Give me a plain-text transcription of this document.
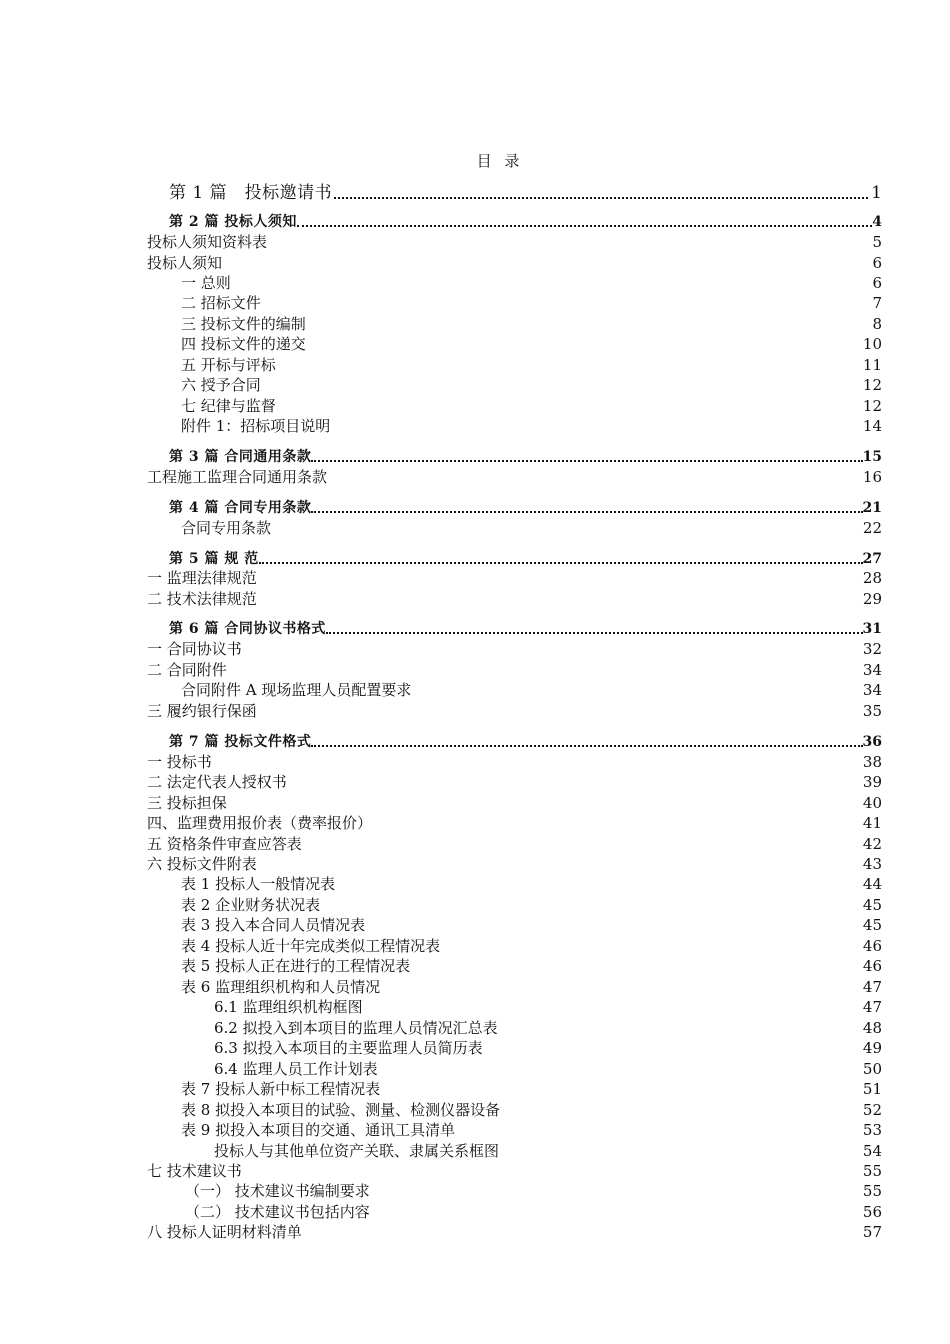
目 录
第 1 篇　投标邀请书	1
第 2 篇 投标人须知	4
投标人须知资料表	5
投标人须知	6
一 总则	6
二 招标文件	7
三 投标文件的编制	8
四 投标文件的递交	10
五 开标与评标	11
六 授予合同	12
七 纪律与监督	12
附件 1：招标项目说明	14
第 3 篇 合同通用条款	15
工程施工监理合同通用条款	16
第 4 篇 合同专用条款	21
合同专用条款	22
第 5 篇 规 范	27
一 监理法律规范	28
二 技术法律规范	29
第 6 篇 合同协议书格式	31
一 合同协议书	32
二 合同附件	34
合同附件 A 现场监理人员配置要求	34
三 履约银行保函	35
第 7 篇 投标文件格式	36
一 投标书	38
二 法定代表人授权书	39
三 投标担保	40
四、监理费用报价表（费率报价）	41
五 资格条件审查应答表	42
六 投标文件附表	43
表 1 投标人一般情况表	44
表 2 企业财务状况表	45
表 3 投入本合同人员情况表	45
表 4 投标人近十年完成类似工程情况表	46
表 5 投标人正在进行的工程情况表	46
表 6 监理组织机构和人员情况	47
6.1 监理组织机构框图	47
6.2 拟投入到本项目的监理人员情况汇总表	48
6.3 拟投入本项目的主要监理人员简历表	49
6.4 监理人员工作计划表	50
表 7 投标人新中标工程情况表	51
表 8 拟投入本项目的试验、测量、检测仪器设备	52
表 9 拟投入本项目的交通、通讯工具清单	53
投标人与其他单位资产关联、隶属关系框图	54
七 技术建议书	55
（一） 技术建议书编制要求	55
（二） 技术建议书包括内容	56
八 投标人证明材料清单	57
